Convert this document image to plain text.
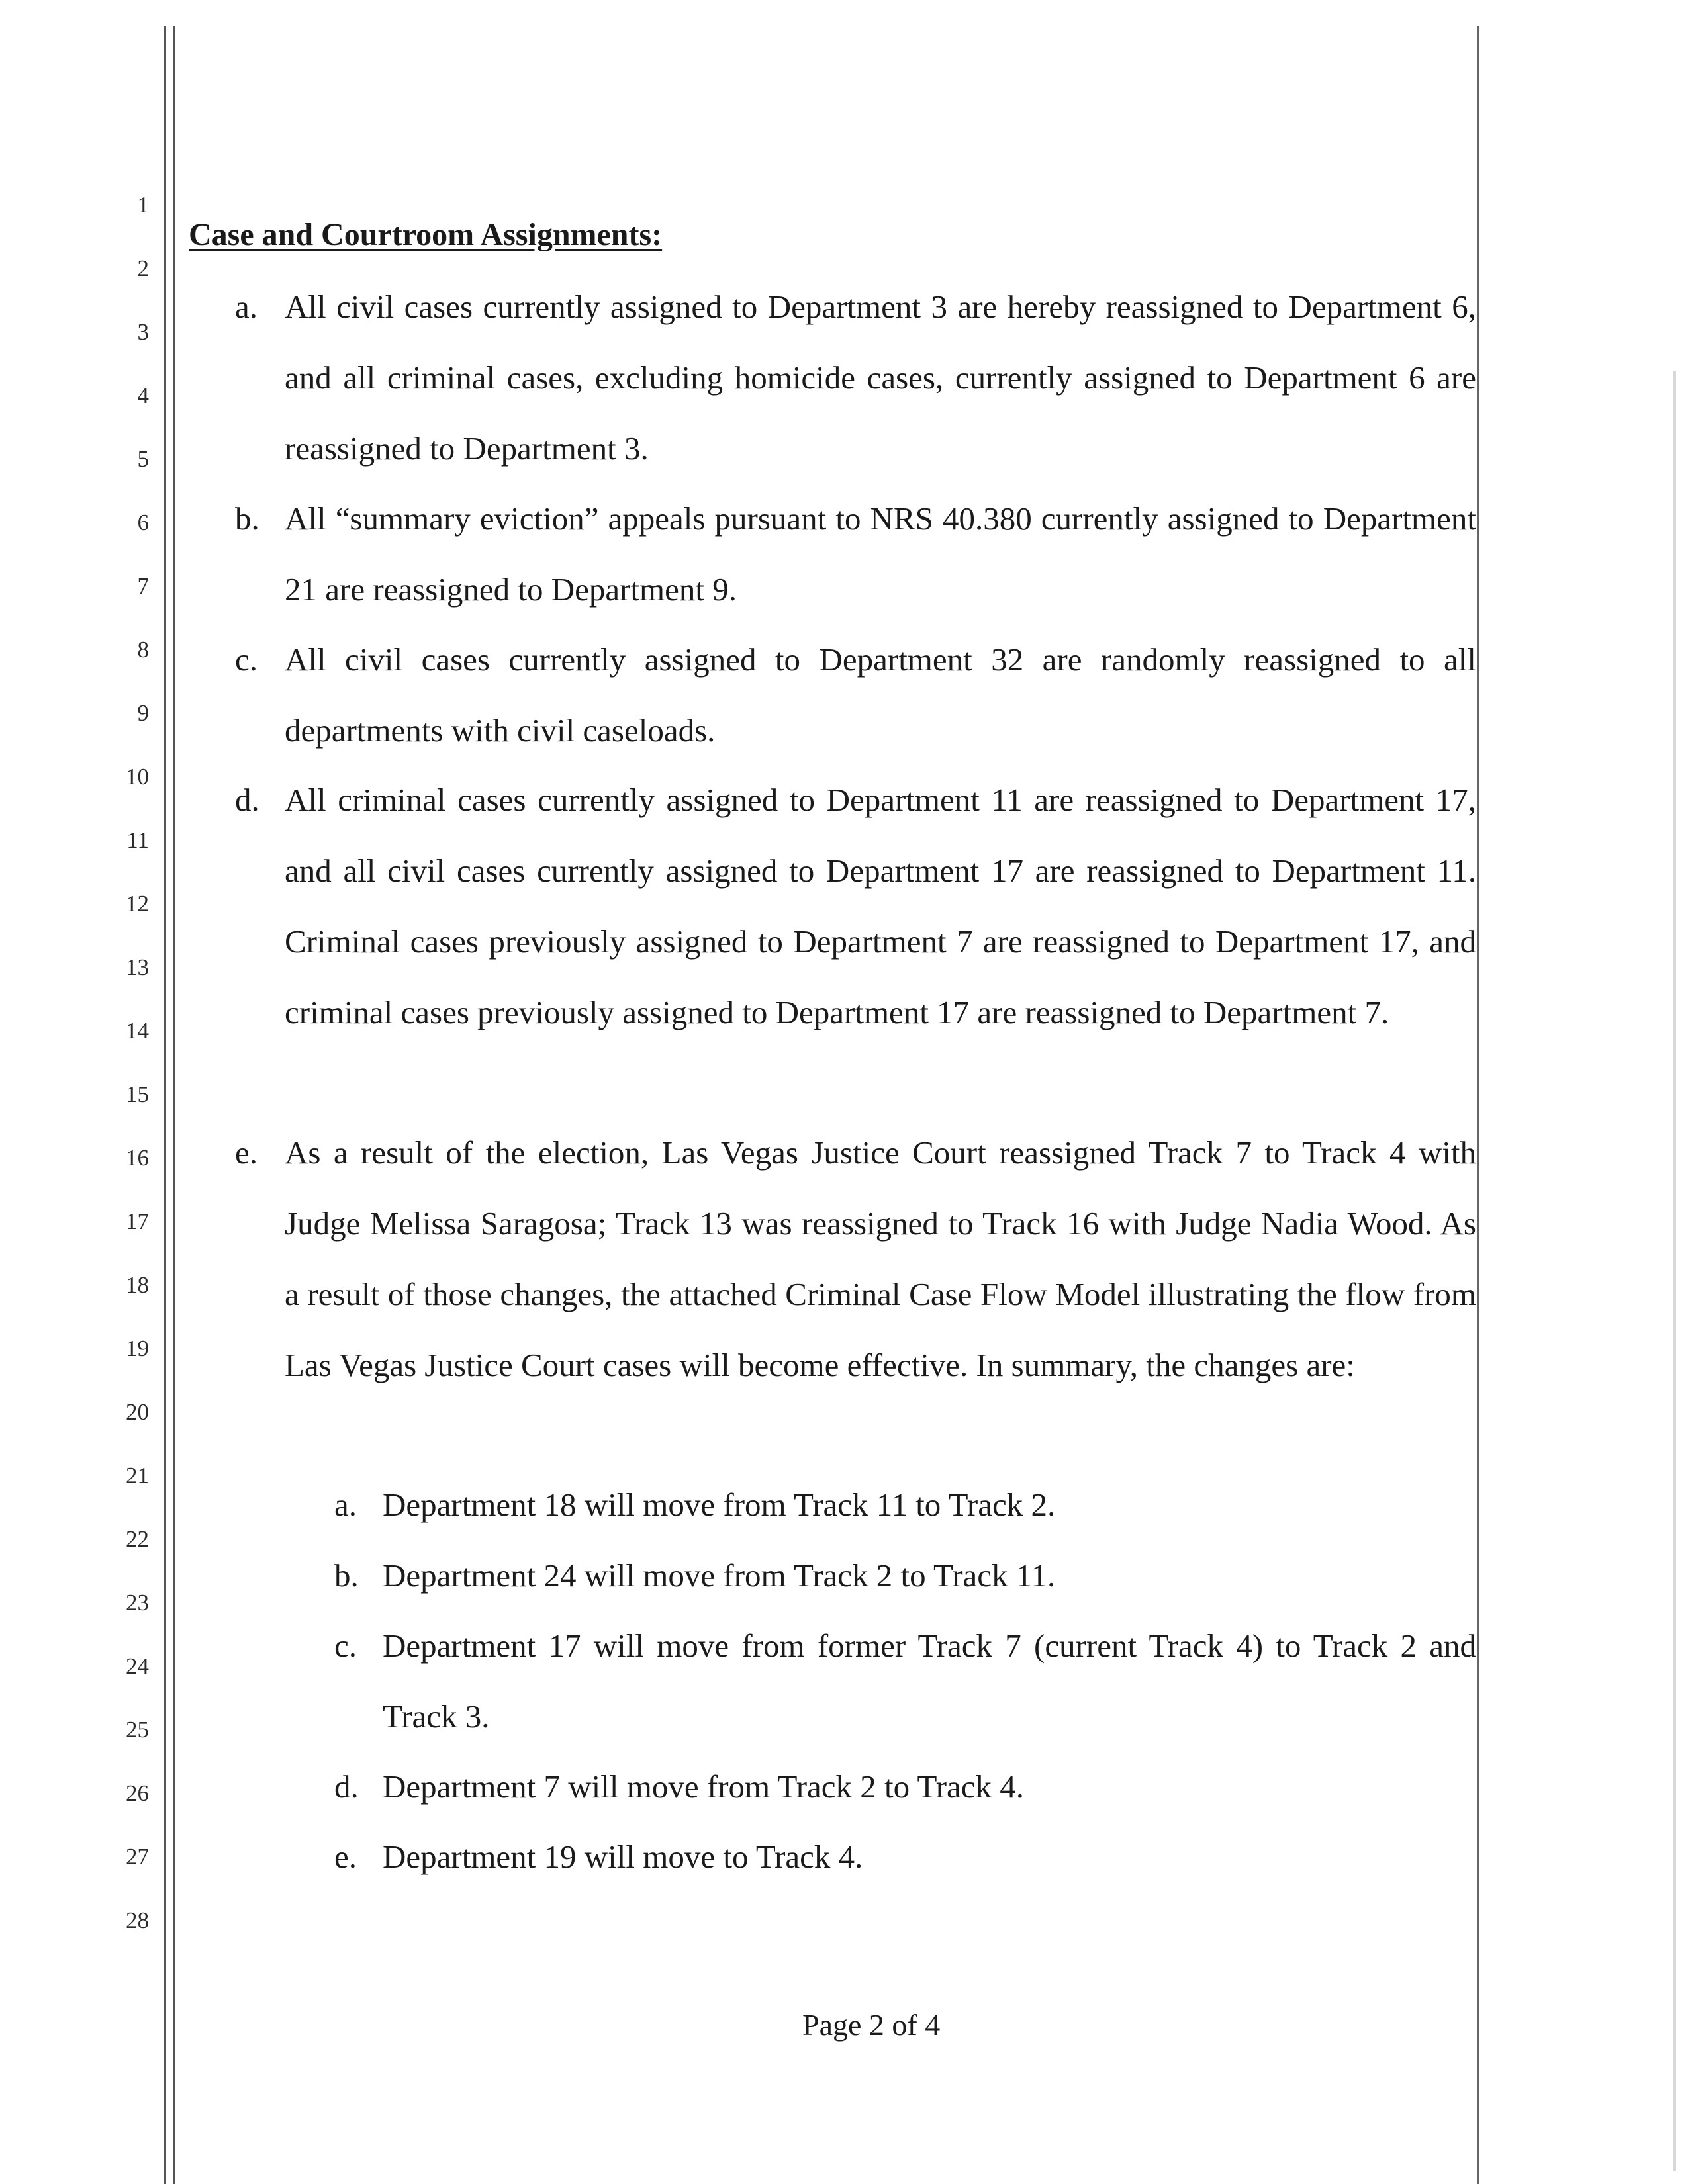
1
2
3
4
5
6
7
8
9
10
11
12
13
14
15
16
17
18
19
20
21
22
23
24
25
26
27
28
Case and Courtroom Assignments:
a. All civil cases currently assigned to Department 3 are hereby reassigned to Department 6, and all criminal cases, excluding homicide cases, currently assigned to Department 6 are reassigned to Department 3.
b. All “summary eviction” appeals pursuant to NRS 40.380 currently assigned to Department 21 are reassigned to Department 9.
c. All civil cases currently assigned to Department 32 are randomly reassigned to all departments with civil caseloads.
d. All criminal cases currently assigned to Department 11 are reassigned to Department 17, and all civil cases currently assigned to Department 17 are reassigned to Department 11. Criminal cases previously assigned to Department 7 are reassigned to Department 17, and criminal cases previously assigned to Department 17 are reassigned to Department 7.
e. As a result of the election, Las Vegas Justice Court reassigned Track 7 to Track 4 with Judge Melissa Saragosa; Track 13 was reassigned to Track 16 with Judge Nadia Wood. As a result of those changes, the attached Criminal Case Flow Model illustrating the flow from Las Vegas Justice Court cases will become effective. In summary, the changes are:
a. Department 18 will move from Track 11 to Track 2.
b. Department 24 will move from Track 2 to Track 11.
c. Department 17 will move from former Track 7 (current Track 4) to Track 2 and Track 3.
d. Department 7 will move from Track 2 to Track 4.
e. Department 19 will move to Track 4.
Page 2 of 4
